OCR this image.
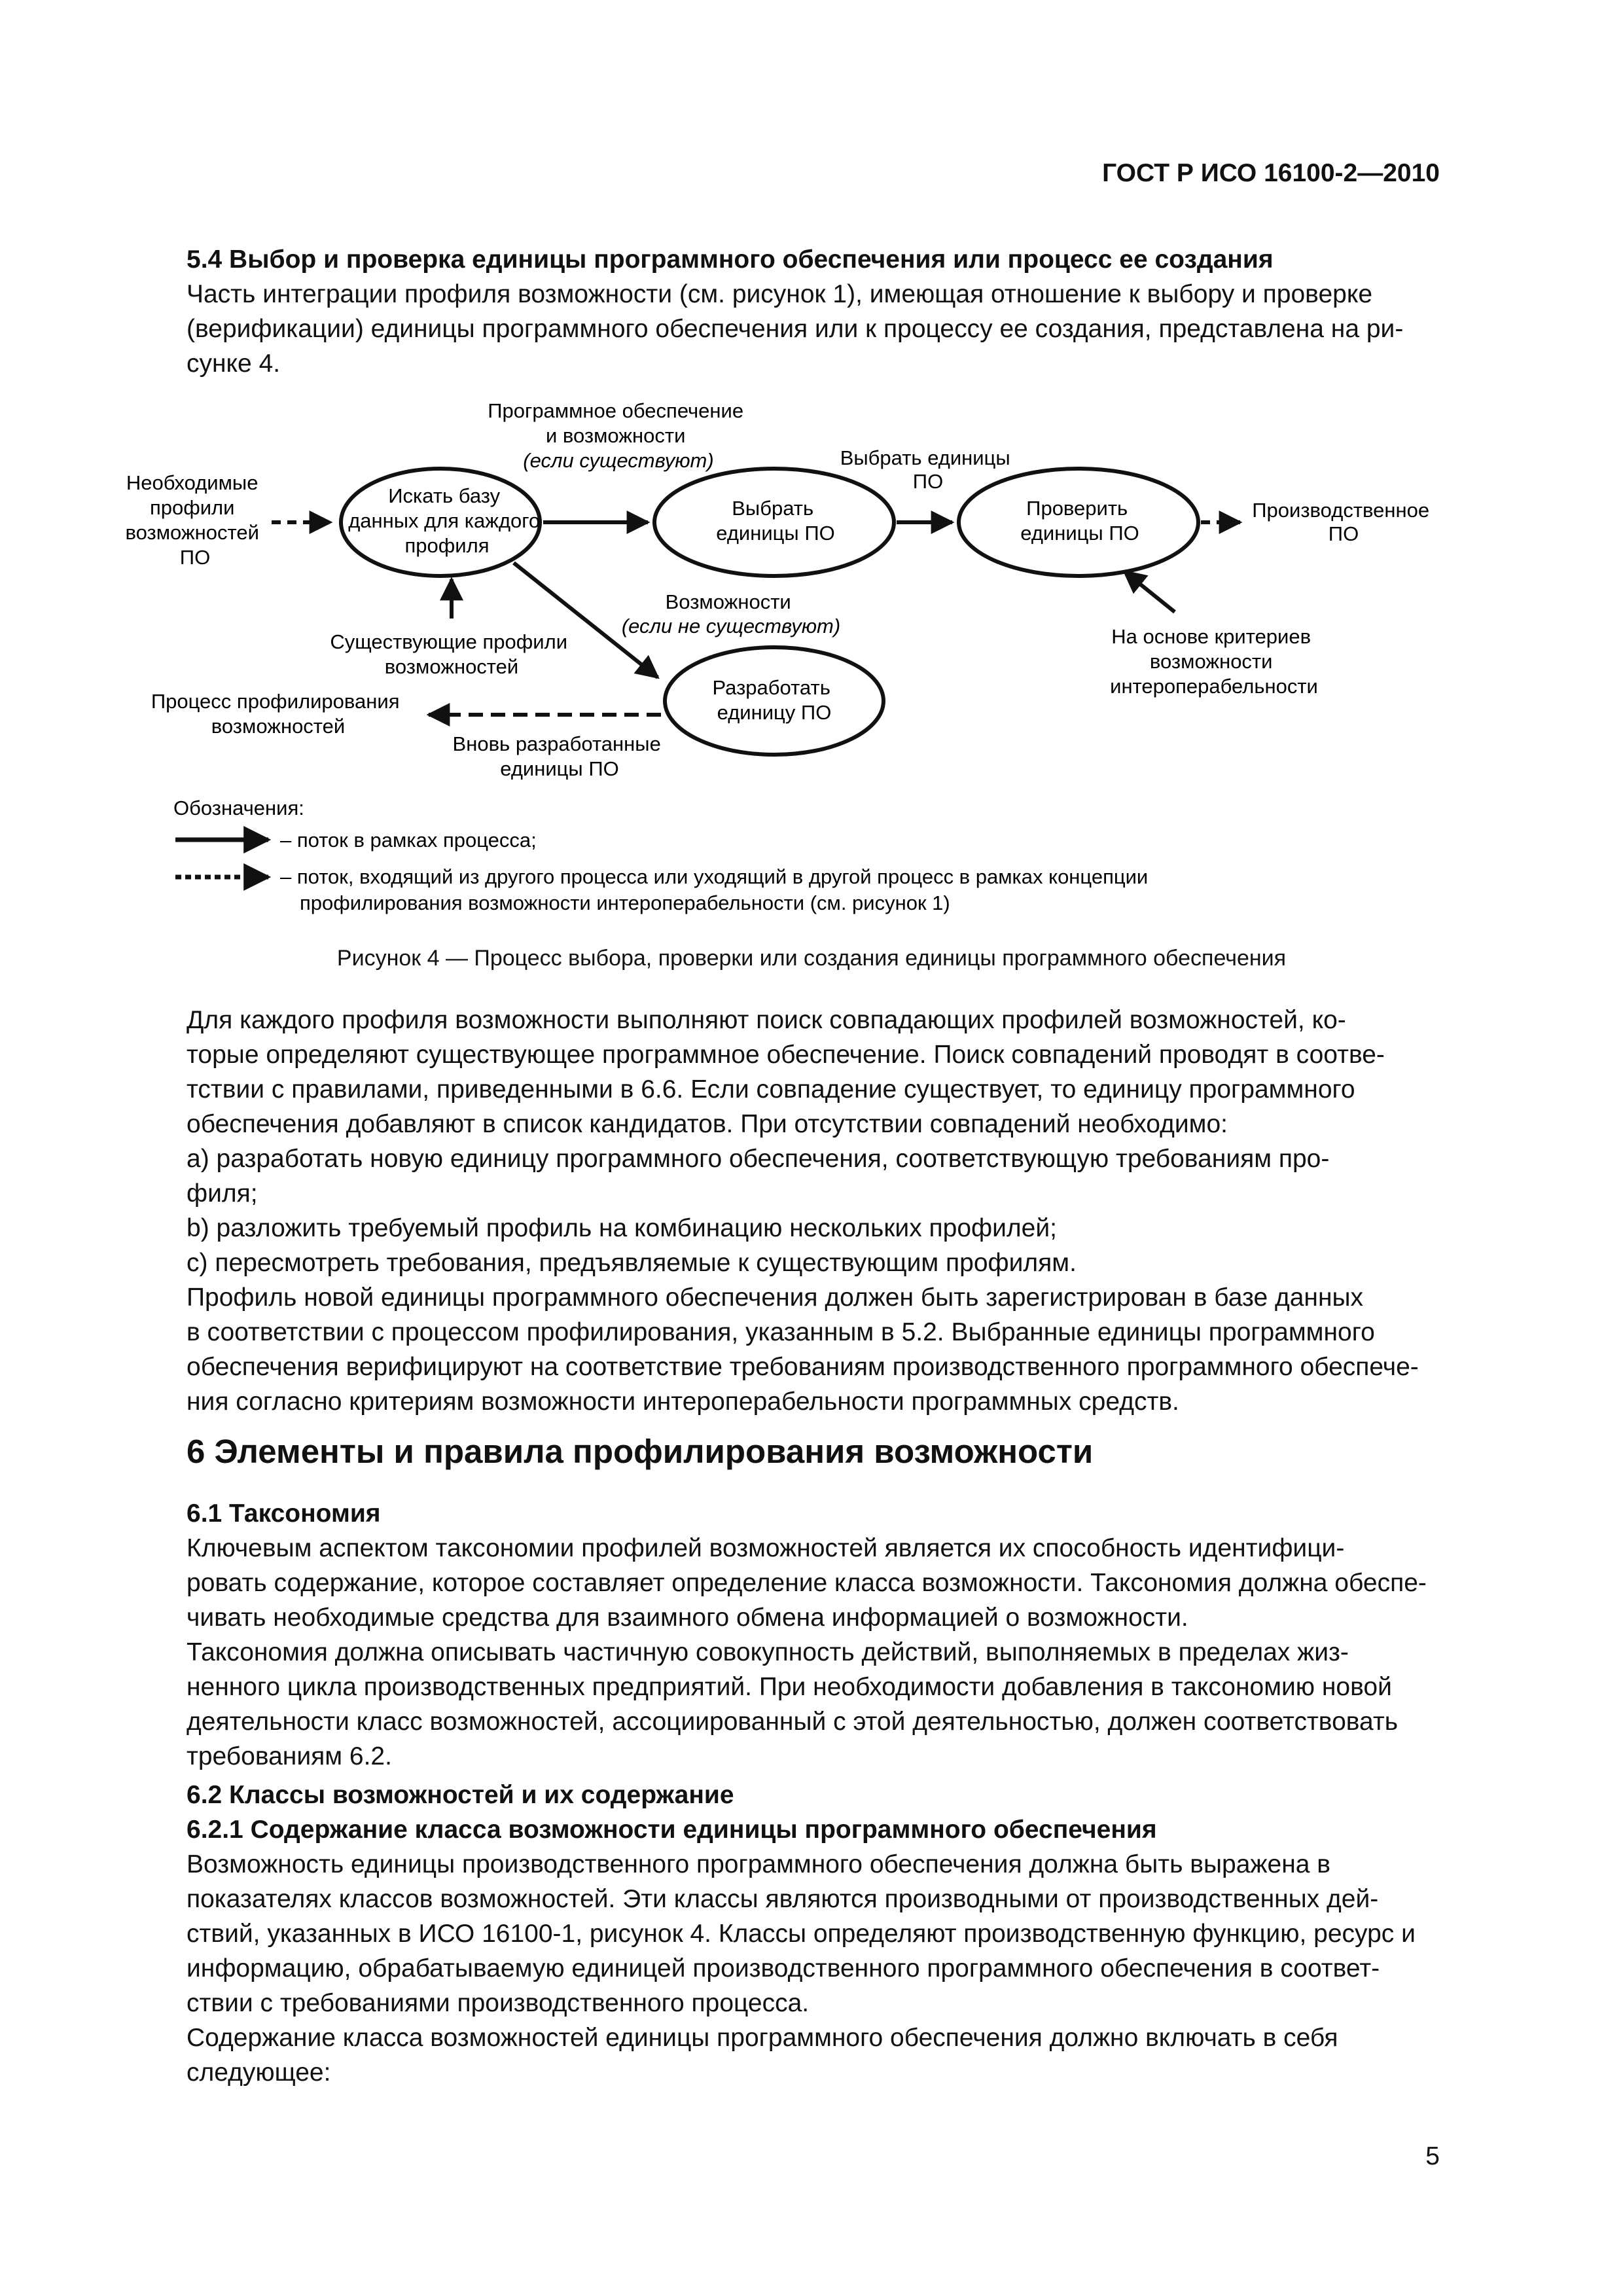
ГОСТ Р ИСО 16100-2—2010

5.4 Выбор и проверка единицы программного обеспечения или процесс ее создания

Часть интеграции профиля возможности (см. рисунок 1), имеющая отношение к выбору и проверке
(верификации) единицы программного обеспечения или к процессу ее создания, представлена на ри-
сунке 4.
Искать базу данных для каждого профиля
Выбрать единицы ПО
Проверить единицы ПО
Разработать единицу ПО
Необходимые профили возможностей ПО
Программное обеспечение и возможности (если существуют)	Выбрать единицы ПО
Производственное ПО
Существующие профили возможностей
Возможности (если не существуют)	На основе критериев возможности интероперабельности
Процесс профилирования возможностей
Вновь разработанные единицы ПО
Обозначения:
– поток в рамках процесса;
– поток, входящий из другого процесса или уходящий в другой процесс в рамках концепции профилирования возможности интероперабельности (см. рисунок 1)
Рисунок 4 — Процесс выбора, проверки или создания единицы программного обеспечения
Для каждого профиля возможности выполняют поиск совпадающих профилей возможностей, ко-
торые определяют существующее программное обеспечение. Поиск совпадений проводят в соотве-
тствии с правилами, приведенными в 6.6. Если совпадение существует, то единицу программного
обеспечения добавляют в список кандидатов. При отсутствии совпадений необходимо:
a) разработать новую единицу программного обеспечения, соответствующую требованиям про-
филя;
b) разложить требуемый профиль на комбинацию нескольких профилей;
c) пересмотреть требования, предъявляемые к существующим профилям.
Профиль новой единицы программного обеспечения должен быть зарегистрирован в базе данных
в соответствии с процессом профилирования, указанным в 5.2. Выбранные единицы программного
обеспечения верифицируют на соответствие требованиям производственного программного обеспече-
ния согласно критериям возможности интероперабельности программных средств.

6 Элементы и правила профилирования возможности

6.1 Таксономия

Ключевым аспектом таксономии профилей возможностей является их способность идентифици-
ровать содержание, которое составляет определение класса возможности. Таксономия должна обеспе-
чивать необходимые средства для взаимного обмена информацией о возможности.
Таксономия должна описывать частичную совокупность действий, выполняемых в пределах жиз-
ненного цикла производственных предприятий. При необходимости добавления в таксономию новой
деятельности класс возможностей, ассоциированный с этой деятельностью, должен соответствовать
требованиям 6.2.

6.2 Классы возможностей и их содержание

6.2.1 Содержание класса возможности единицы программного обеспечения

Возможность единицы производственного программного обеспечения должна быть выражена в
показателях классов возможностей. Эти классы являются производными от производственных дей-
ствий, указанных в ИСО 16100-1, рисунок 4. Классы определяют производственную функцию, ресурс и
информацию, обрабатываемую единицей производственного программного обеспечения в соответ-
ствии с требованиями производственного процесса.
Содержание класса возможностей единицы программного обеспечения должно включать в себя
следующее:
5
